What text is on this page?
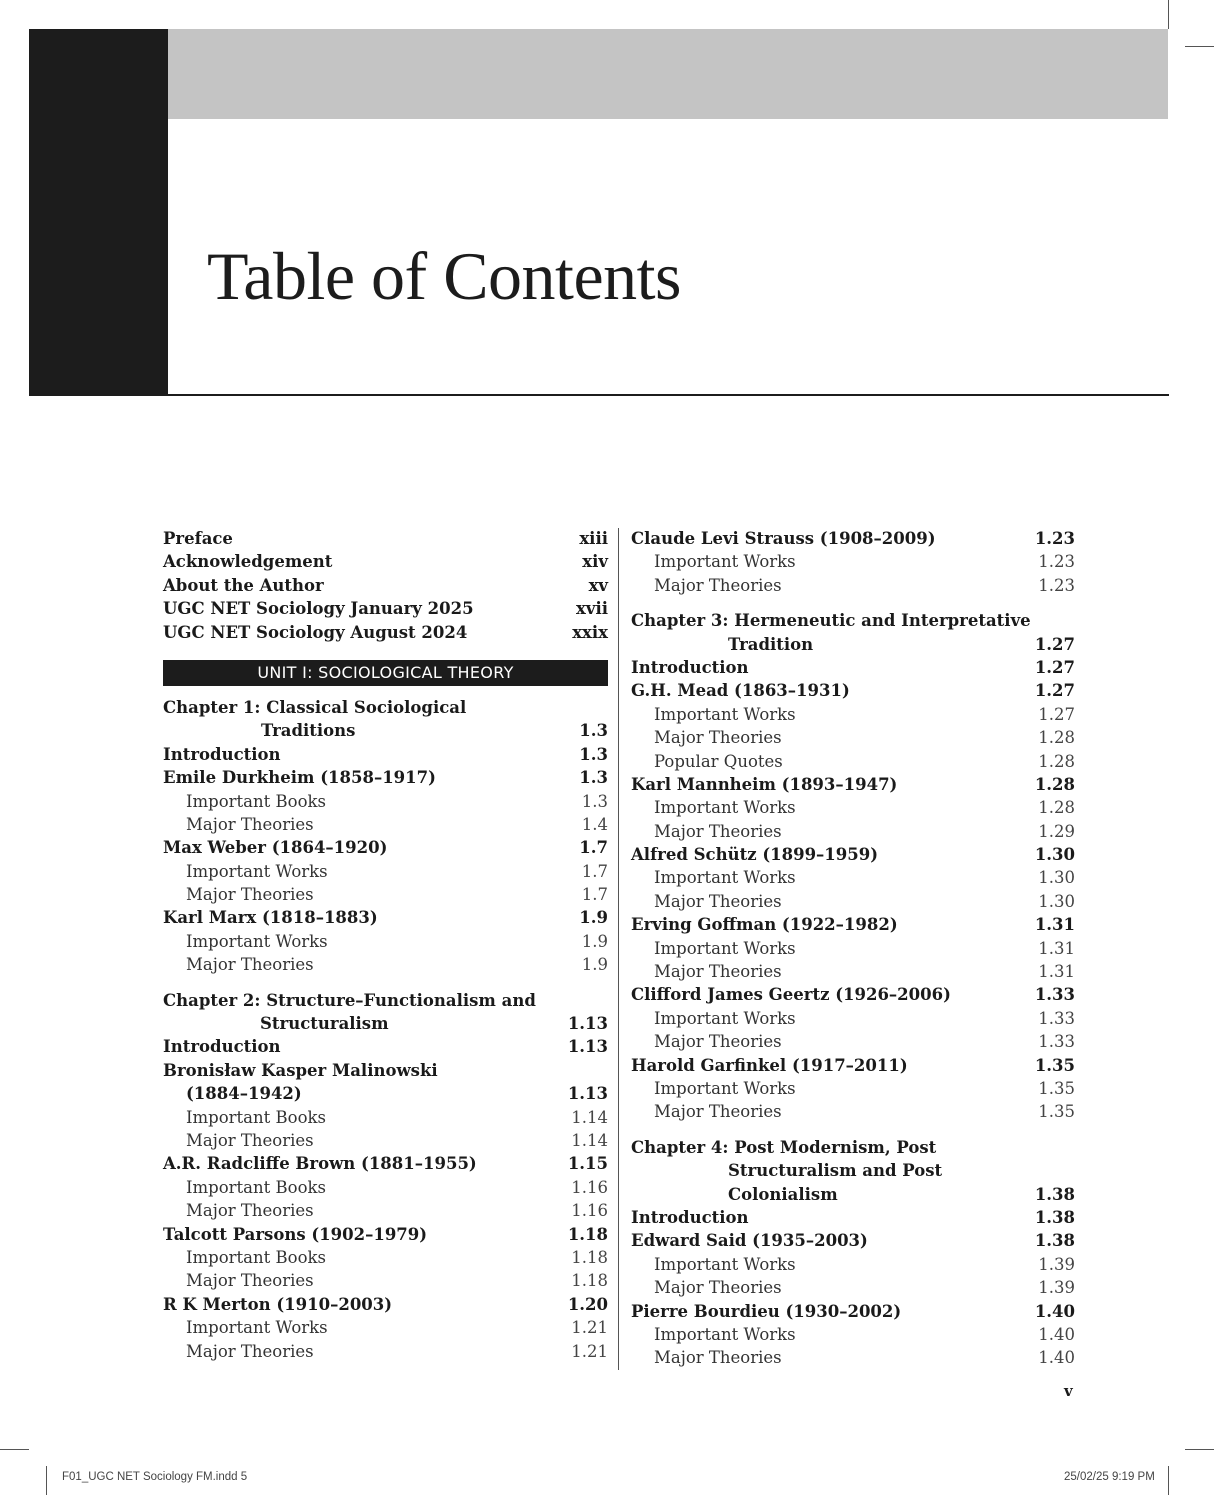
Table of Contents
Preface	xiii
Acknowledgement	xiv
About the Author	xv
UGC NET Sociology January 2025	xvii
UGC NET Sociology August 2024	xxix
UNIT I: SOCIOLOGICAL THEORY
Chapter 1: Classical Sociological
Traditions	1.3
Introduction	1.3
Emile Durkheim (1858–1917)	1.3
Important Books	1.3
Major Theories	1.4
Max Weber (1864–1920)	1.7
Important Works	1.7
Major Theories	1.7
Karl Marx (1818–1883)	1.9
Important Works	1.9
Major Theories	1.9
Chapter 2: Structure–Functionalism and
Structuralism	1.13
Introduction	1.13
Bronisław Kasper Malinowski
(1884–1942)	1.13
Important Books	1.14
Major Theories	1.14
A.R. Radcliffe Brown (1881–1955)	1.15
Important Books	1.16
Major Theories	1.16
Talcott Parsons (1902–1979)	1.18
Important Books	1.18
Major Theories	1.18
R K Merton (1910–2003)	1.20
Important Works	1.21
Major Theories	1.21
Claude Levi Strauss (1908–2009)	1.23
Important Works	1.23
Major Theories	1.23
Chapter 3: Hermeneutic and Interpretative
Tradition	1.27
Introduction	1.27
G.H. Mead (1863–1931)	1.27
Important Works	1.27
Major Theories	1.28
Popular Quotes	1.28
Karl Mannheim (1893–1947)	1.28
Important Works	1.28
Major Theories	1.29
Alfred Schütz (1899–1959)	1.30
Important Works	1.30
Major Theories	1.30
Erving Goffman (1922–1982)	1.31
Important Works	1.31
Major Theories	1.31
Clifford James Geertz (1926–2006)	1.33
Important Works	1.33
Major Theories	1.33
Harold Garfinkel (1917–2011)	1.35
Important Works	1.35
Major Theories	1.35
Chapter 4: Post Modernism, Post
Structuralism and Post
Colonialism	1.38
Introduction	1.38
Edward Said (1935–2003)	1.38
Important Works	1.39
Major Theories	1.39
Pierre Bourdieu (1930–2002)	1.40
Important Works	1.40
Major Theories	1.40
v
F01_UGC NET Sociology FM.indd 5	25/02/25 9:19 PM
